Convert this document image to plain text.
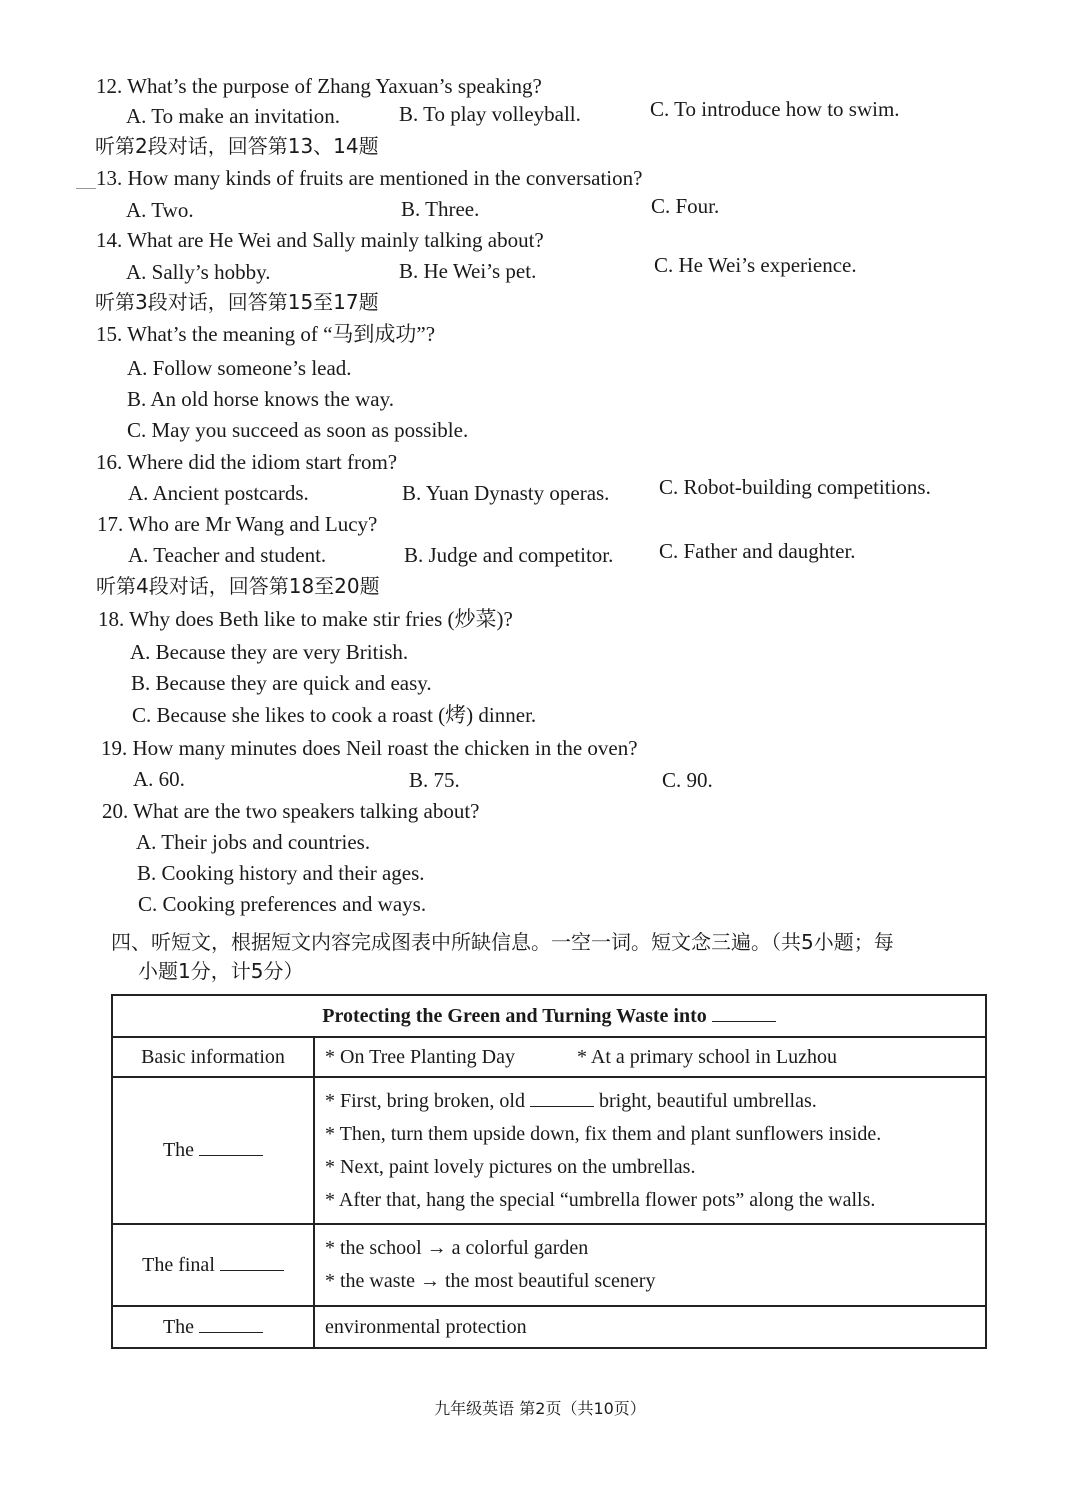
12. What’s the purpose of Zhang Yaxuan’s speaking?
A. To make an invitation.	B. To play volleyball.	C. To introduce how to swim.
听第2段对话，回答第13、14题
13. How many kinds of fruits are mentioned in the conversation?
A. Two.	B. Three.	C. Four.
14. What are He Wei and Sally mainly talking about?
A. Sally’s hobby.	B. He Wei’s pet.	C. He Wei’s experience.
听第3段对话，回答第15至17题
15. What’s the meaning of “马到成功”?
A. Follow someone’s lead.
B. An old horse knows the way.
C. May you succeed as soon as possible.
16. Where did the idiom start from?
A. Ancient postcards.	B. Yuan Dynasty operas. C. Robot-building competitions.
17. Who are Mr Wang and Lucy?
A. Teacher and student.	B. Judge and competitor. C. Father and daughter.
听第4段对话，回答第18至20题
18. Why does Beth like to make stir fries (炒菜)?
A. Because they are very British.
B. Because they are quick and easy.
C. Because she likes to cook a roast (烤) dinner.
19. How many minutes does Neil roast the chicken in the oven?
A. 60.	B. 75.	C. 90.
20. What are the two speakers talking about?
A. Their jobs and countries.
B. Cooking history and their ages.
C. Cooking preferences and ways.
四、听短文，根据短文内容完成图表中所缺信息。一空一词。短文念三遍。（共5小题；每
小题1分，计5分）
Protecting the Green and Turning Waste into	
Basic information	* On Tree Planting Day * At a primary school in Luzhou
The	* First, bring broken, old bright, beautiful umbrellas.
* Then, turn them upside down, fix them and plant sunflowers inside.
* Next, paint lovely pictures on the umbrellas.
* After that, hang the special “umbrella flower pots” along the walls.

The final	* the school → a colorful garden
* the waste → the most beautiful scenery

The	environmental protection
九年级英语 第2页（共10页）
